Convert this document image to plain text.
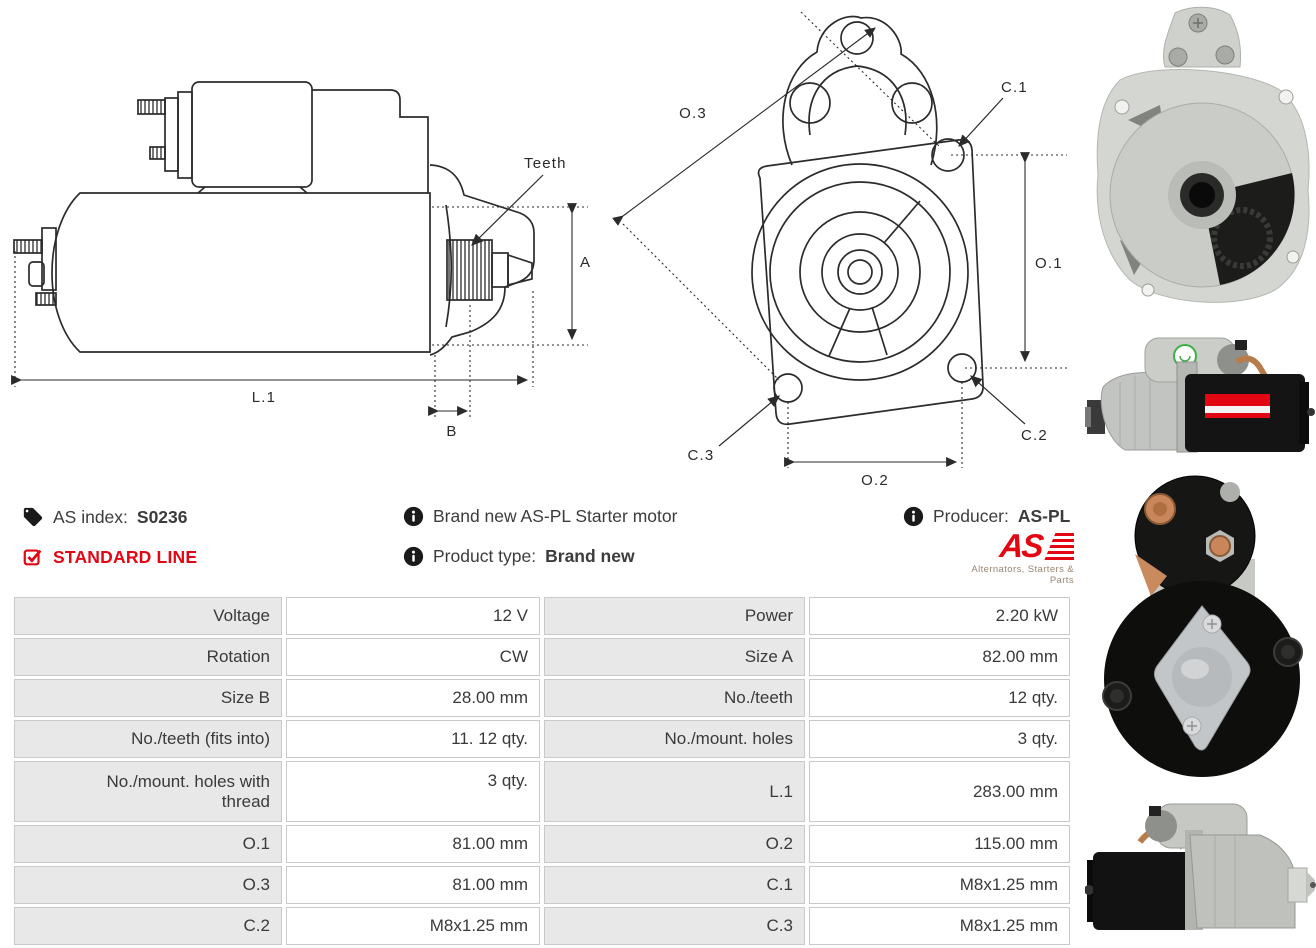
Teeth
A
L.1
B
O.3
C.1
O.1
C.2
C.3
O.2
AS index: S0236
STANDARD LINE
Brand new AS-PL Starter motor
Product type: Brand new
Producer: AS-PL
AS
Alternators, Starters & Parts
Voltage	12 V	Power	2.20 kW
Rotation	CW	Size A	82.00 mm
Size B	28.00 mm	No./teeth	12 qty.
No./teeth (fits into)	11. 12 qty.	No./mount. holes	3 qty.
No./mount. holes with thread	3 qty.	L.1	283.00 mm
O.1	81.00 mm	O.2	115.00 mm
O.3	81.00 mm	C.1	M8x1.25 mm
C.2	M8x1.25 mm	C.3	M8x1.25 mm
